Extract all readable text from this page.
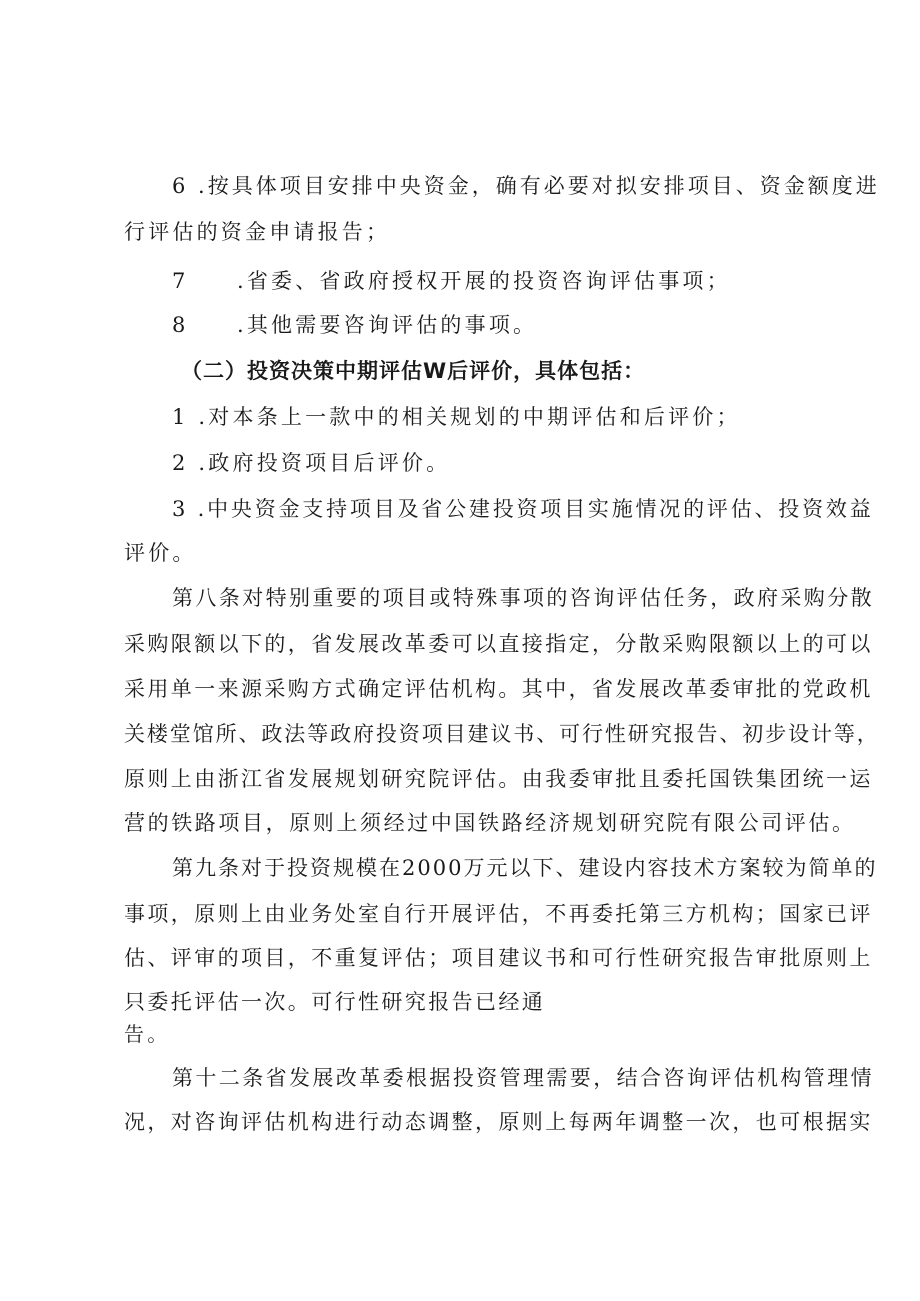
6 .按具体项目安排中央资金，确有必要对拟安排项目、资金额度进
行评估的资金申请报告；
7  .省委、省政府授权开展的投资咨询评估事项；
8  .其他需要咨询评估的事项。
（二）投资决策中期评估W后评价，具体包括：
1 .对本条上一款中的相关规划的中期评估和后评价；
2 .政府投资项目后评价。
3 .中央资金支持项目及省公建投资项目实施情况的评估、投资效益
评价。
第八条对特别重要的项目或特殊事项的咨询评估任务，政府采购分散
采购限额以下的，省发展改革委可以直接指定，分散采购限额以上的可以
采用单一来源采购方式确定评估机构。其中，省发展改革委审批的党政机
关楼堂馆所、政法等政府投资项目建议书、可行性研究报告、初步设计等，
原则上由浙江省发展规划研究院评估。由我委审批且委托国铁集团统一运
营的铁路项目，原则上须经过中国铁路经济规划研究院有限公司评估。
第九条对于投资规模在2000万元以下、建设内容技术方案较为简单的
事项，原则上由业务处室自行开展评估，不再委托第三方机构；国家已评
估、评审的项目，不重复评估；项目建议书和可行性研究报告审批原则上
只委托评估一次。可行性研究报告已经通
告。
第十二条省发展改革委根据投资管理需要，结合咨询评估机构管理情
况，对咨询评估机构进行动态调整，原则上每两年调整一次，也可根据实
